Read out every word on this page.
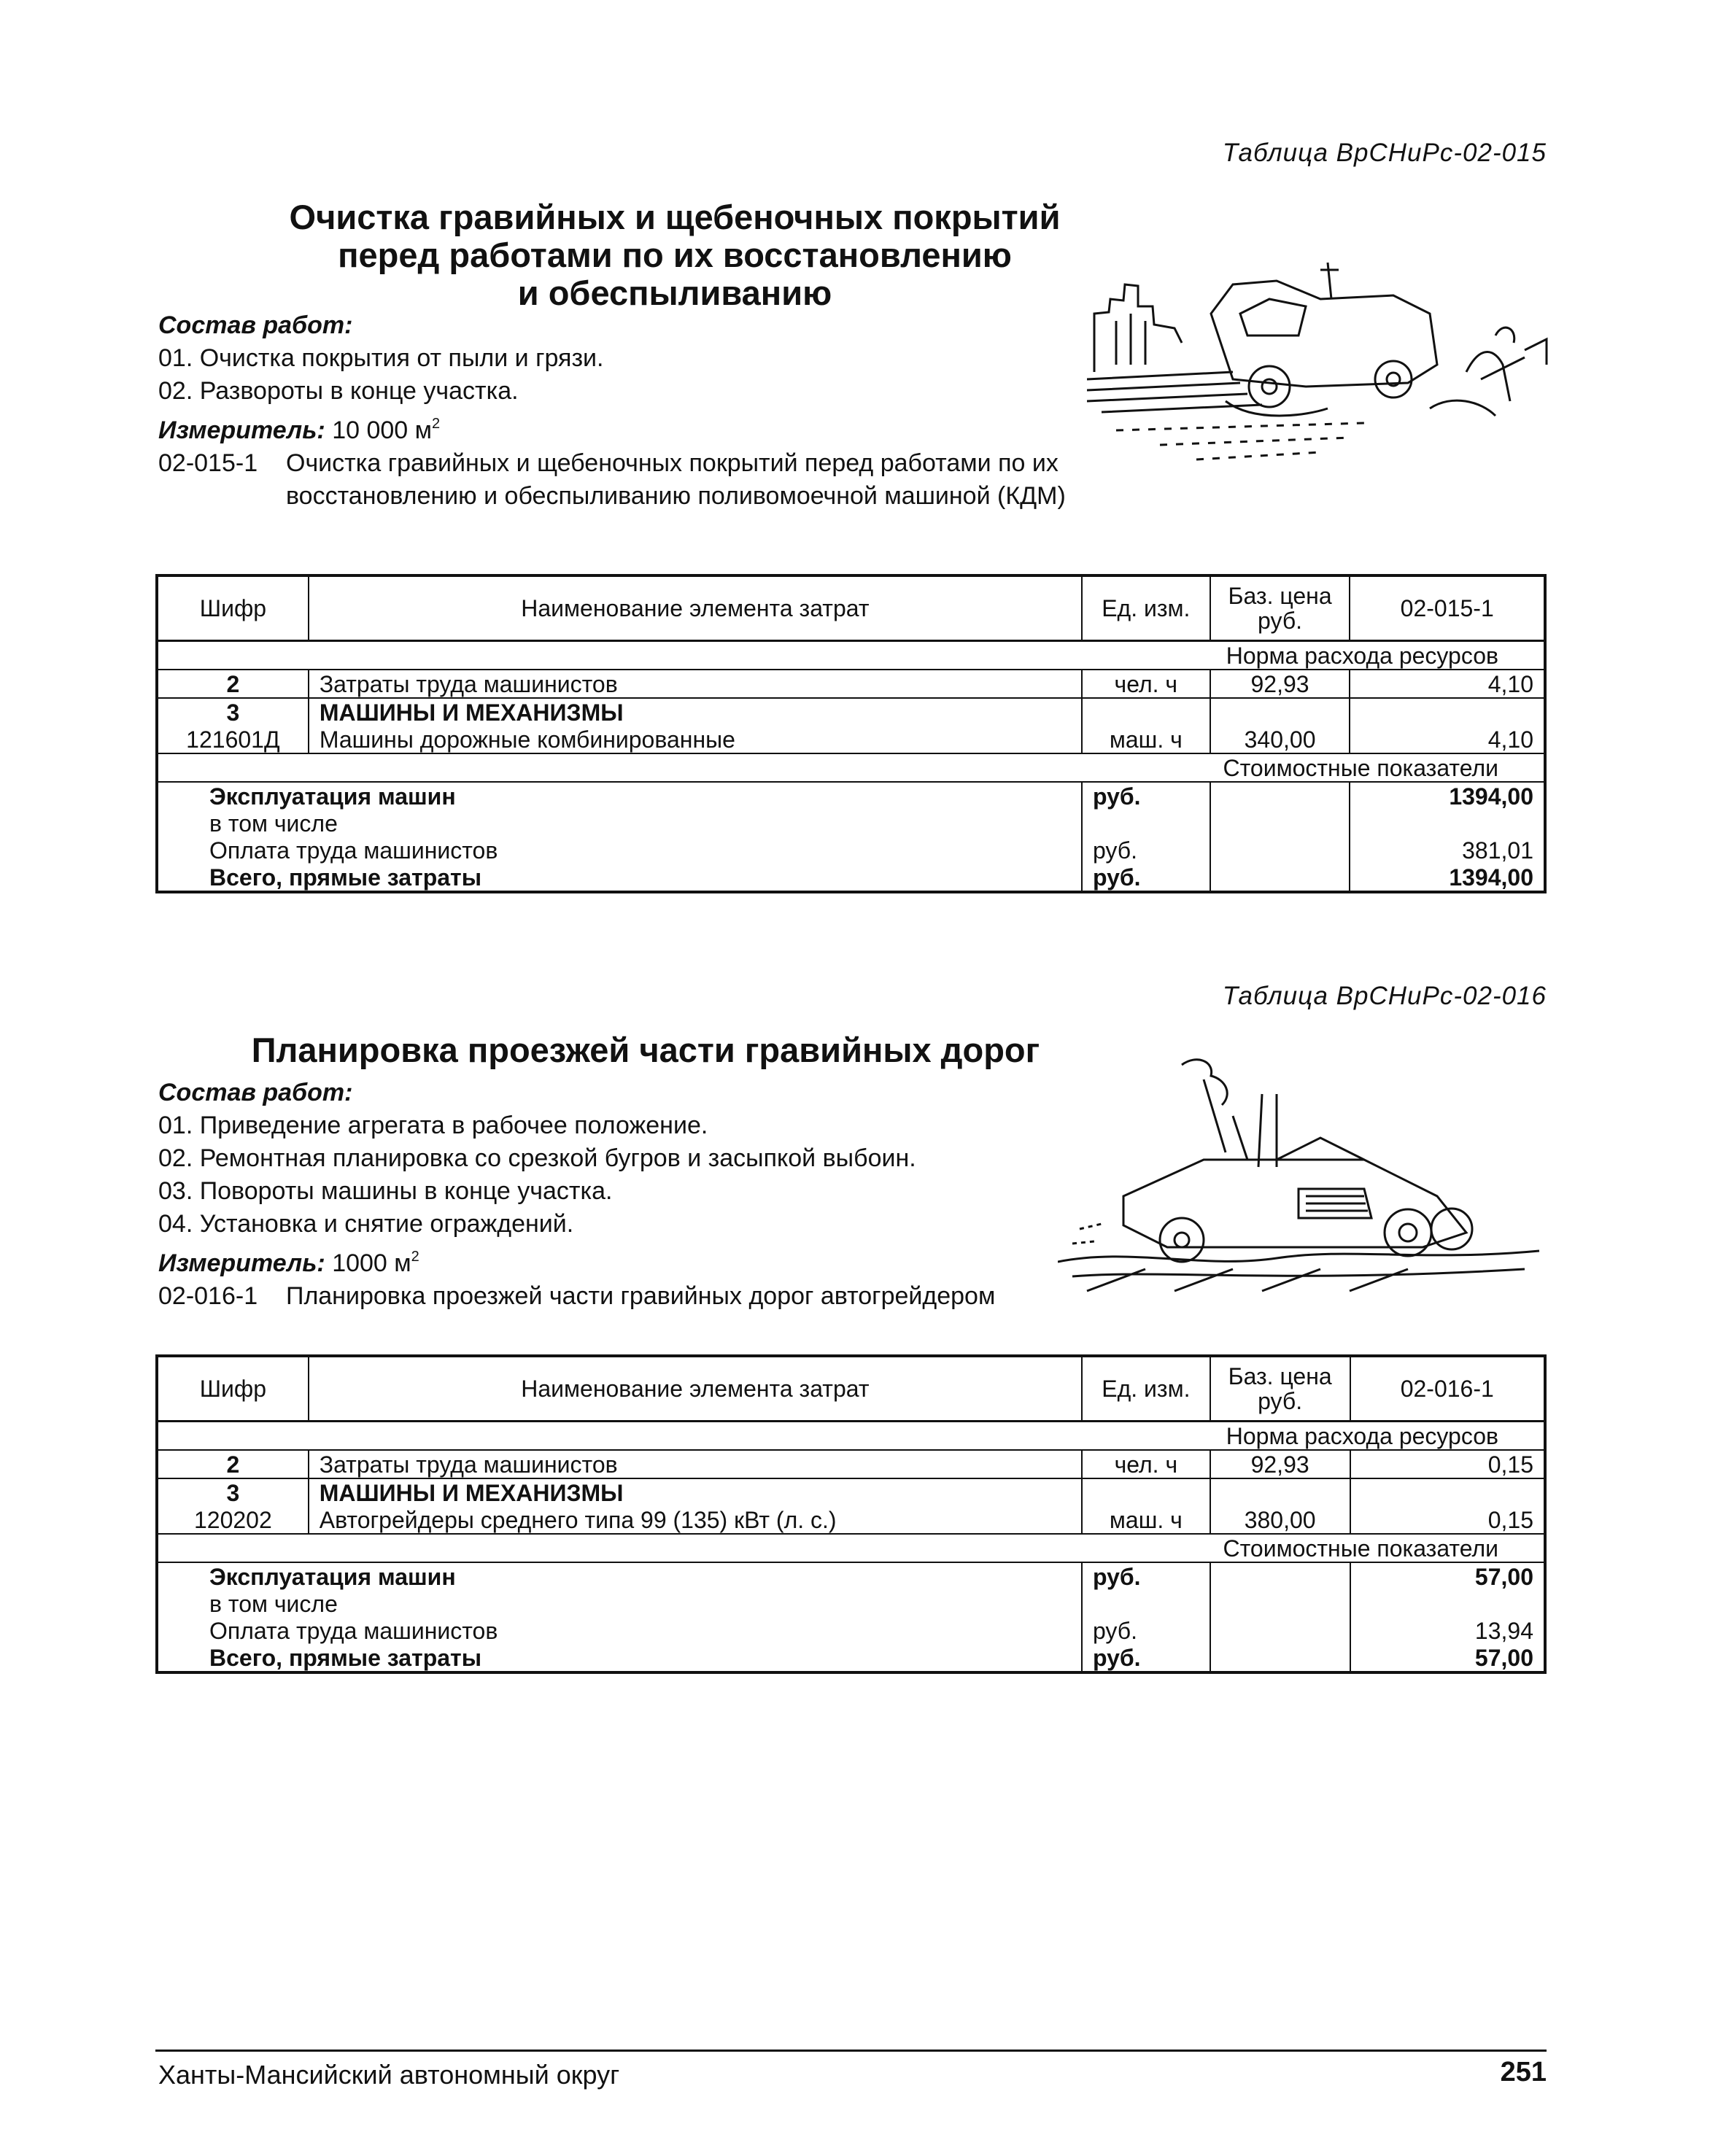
Таблица ВрСНиРс-02-015
Очистка гравийных и щебеночных покрытий
перед работами по их восстановлению
и обеспыливанию
Состав работ:
01. Очистка покрытия от пыли и грязи.
02. Развороты в конце участка.
Измеритель: 10 000 $м^2$
02-015-1	Очистка гравийных и щебеночных покрытий перед работами по их восстановлению и обеспыливанию поливомоечной машиной (КДМ)
Шифр	Наименование элемента затрат	Ед. изм.	Баз. цена руб.	02-015-1
Норма расхода ресурсов				
2	Затраты труда машинистов	чел. ч	92,93	4,10
3	МАШИНЫ И МЕХАНИЗМЫ			
121601Д	Машины дорожные комбинированные	маш. ч	340,00	4,10
Стоимостные показатели				
Эксплуатация машин		руб.		1394,00
в том числе				
Оплата труда машинистов		руб.		381,01
Всего, прямые затраты		руб.		1394,00
Таблица ВрСНиРс-02-016
Планировка проезжей части гравийных дорог
Состав работ:
01. Приведение агрегата в рабочее положение.
02. Ремонтная планировка со срезкой бугров и засыпкой выбоин.
03. Повороты машины в конце участка.
04. Установка и снятие ограждений.
Измеритель: 1000 $м^2$
02-016-1	Планировка проезжей части гравийных дорог автогрейдером
Шифр	Наименование элемента затрат	Ед. изм.	Баз. цена руб.	02-016-1
Норма расхода ресурсов				
2	Затраты труда машинистов	чел. ч	92,93	0,15
3	МАШИНЫ И МЕХАНИЗМЫ			
120202	Автогрейдеры среднего типа 99 (135) кВт (л. с.)	маш. ч	380,00	0,15
Стоимостные показатели				
Эксплуатация машин		руб.		57,00
в том числе				
Оплата труда машинистов		руб.		13,94
Всего, прямые затраты		руб.		57,00
Ханты-Мансийский автономный округ	251
